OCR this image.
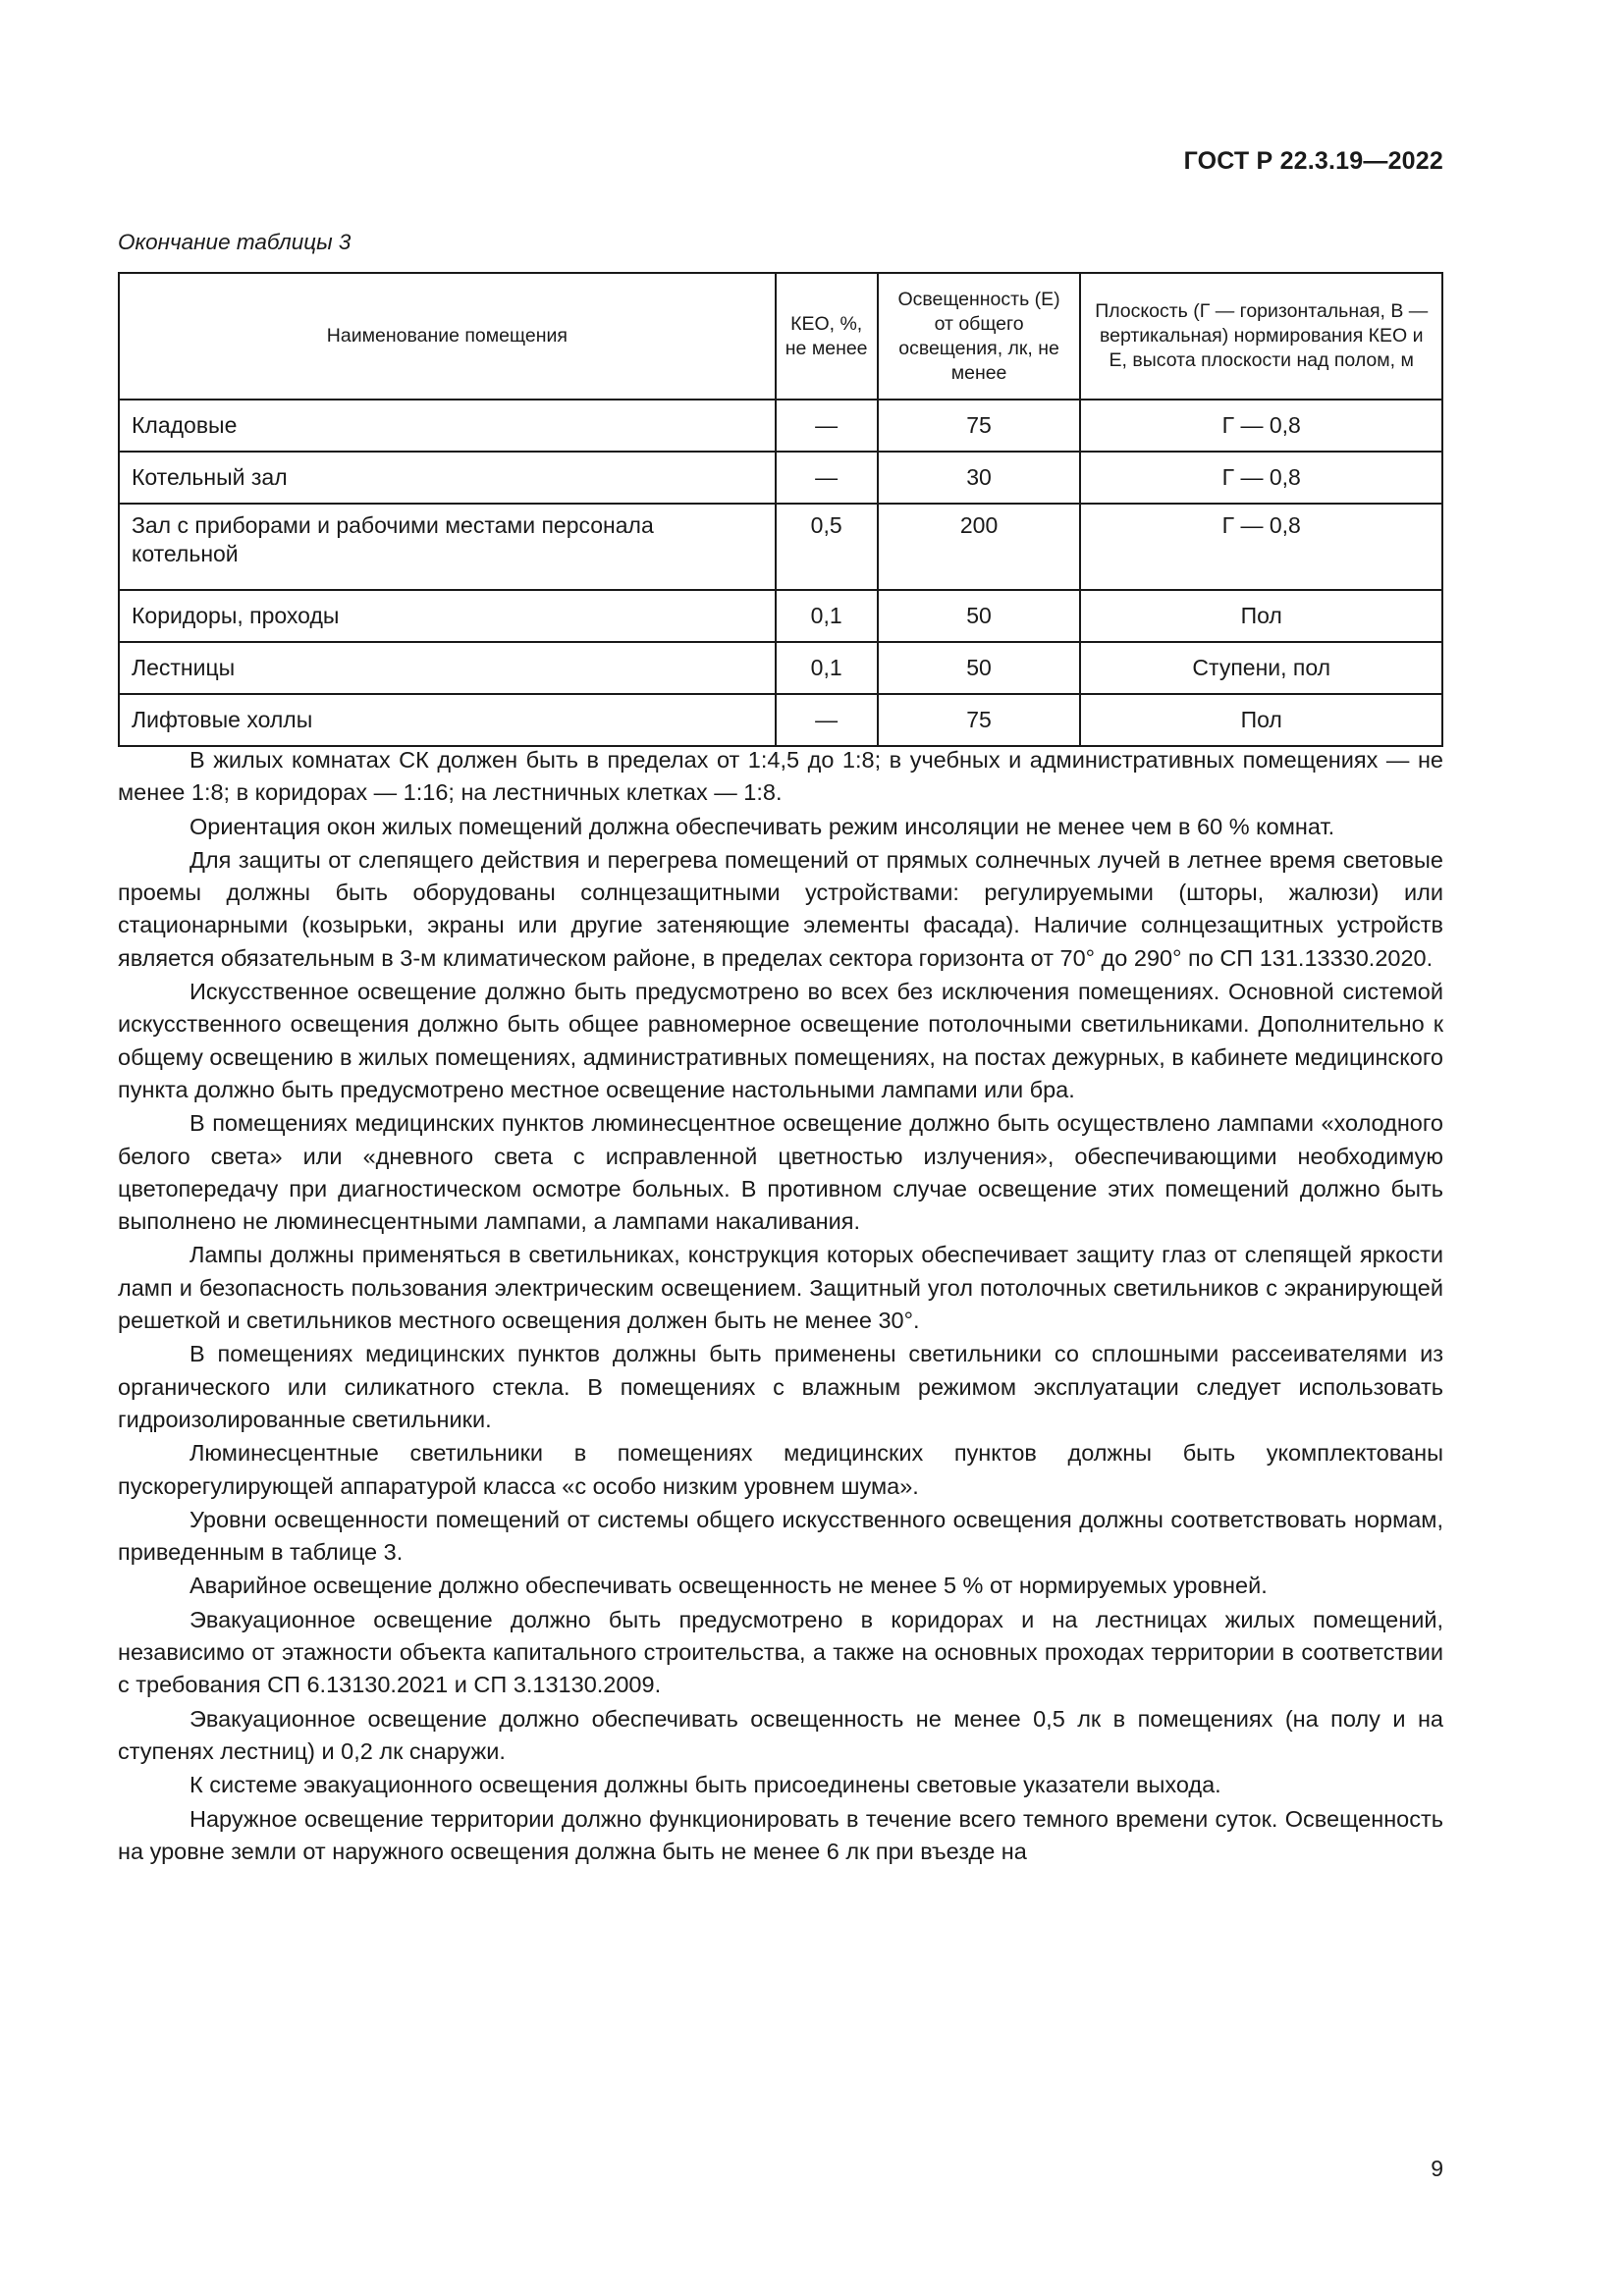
ГОСТ Р 22.3.19—2022
Окончание таблицы 3
Наименование помещения	КЕО, %, не менее	Освещенность (Е) от общего освещения, лк, не менее	Плоскость (Г — горизонтальная, В — вертикальная) нормирования КЕО и Е, высота плоскости над полом, м
Кладовые	—	75	Г — 0,8
Котельный зал	—	30	Г — 0,8
Зал с приборами и рабочими местами персонала котельной	0,5	200	Г — 0,8
Коридоры, проходы	0,1	50	Пол
Лестницы	0,1	50	Ступени, пол
Лифтовые холлы	—	75	Пол

В жилых комнатах СК должен быть в пределах от 1:4,5 до 1:8; в учебных и административных помещениях — не менее 1:8; в коридорах — 1:16; на лестничных клетках — 1:8.

Ориентация окон жилых помещений должна обеспечивать режим инсоляции не менее чем в 60 % комнат.

Для защиты от слепящего действия и перегрева помещений от прямых солнечных лучей в летнее время световые проемы должны быть оборудованы солнцезащитными устройствами: регулируемыми (шторы, жалюзи) или стационарными (козырьки, экраны или другие затеняющие элементы фасада). Наличие солнцезащитных устройств является обязательным в 3-м климатическом районе, в пределах сектора горизонта от 70° до 290° по СП 131.13330.2020.

Искусственное освещение должно быть предусмотрено во всех без исключения помещениях. Основной системой искусственного освещения должно быть общее равномерное освещение потолочными светильниками. Дополнительно к общему освещению в жилых помещениях, административных помещениях, на постах дежурных, в кабинете медицинского пункта должно быть предусмотрено местное освещение настольными лампами или бра.

В помещениях медицинских пунктов люминесцентное освещение должно быть осуществлено лампами «холодного белого света» или «дневного света с исправленной цветностью излучения», обеспечивающими необходимую цветопередачу при диагностическом осмотре больных. В противном случае освещение этих помещений должно быть выполнено не люминесцентными лампами, а лампами накаливания.

Лампы должны применяться в светильниках, конструкция которых обеспечивает защиту глаз от слепящей яркости ламп и безопасность пользования электрическим освещением. Защитный угол потолочных светильников с экранирующей решеткой и светильников местного освещения должен быть не менее 30°.

В помещениях медицинских пунктов должны быть применены светильники со сплошными рассеивателями из органического или силикатного стекла. В помещениях с влажным режимом эксплуатации следует использовать гидроизолированные светильники.

Люминесцентные светильники в помещениях медицинских пунктов должны быть укомплектованы пускорегулирующей аппаратурой класса «с особо низким уровнем шума».

Уровни освещенности помещений от системы общего искусственного освещения должны соответствовать нормам, приведенным в таблице 3.

Аварийное освещение должно обеспечивать освещенность не менее 5 % от нормируемых уровней.

Эвакуационное освещение должно быть предусмотрено в коридорах и на лестницах жилых помещений, независимо от этажности объекта капитального строительства, а также на основных проходах территории в соответствии с требования СП 6.13130.2021 и СП 3.13130.2009.

Эвакуационное освещение должно обеспечивать освещенность не менее 0,5 лк в помещениях (на полу и на ступенях лестниц) и 0,2 лк снаружи.

К системе эвакуационного освещения должны быть присоединены световые указатели выхода.

Наружное освещение территории должно функционировать в течение всего темного времени суток. Освещенность на уровне земли от наружного освещения должна быть не менее 6 лк при въезде на

9
